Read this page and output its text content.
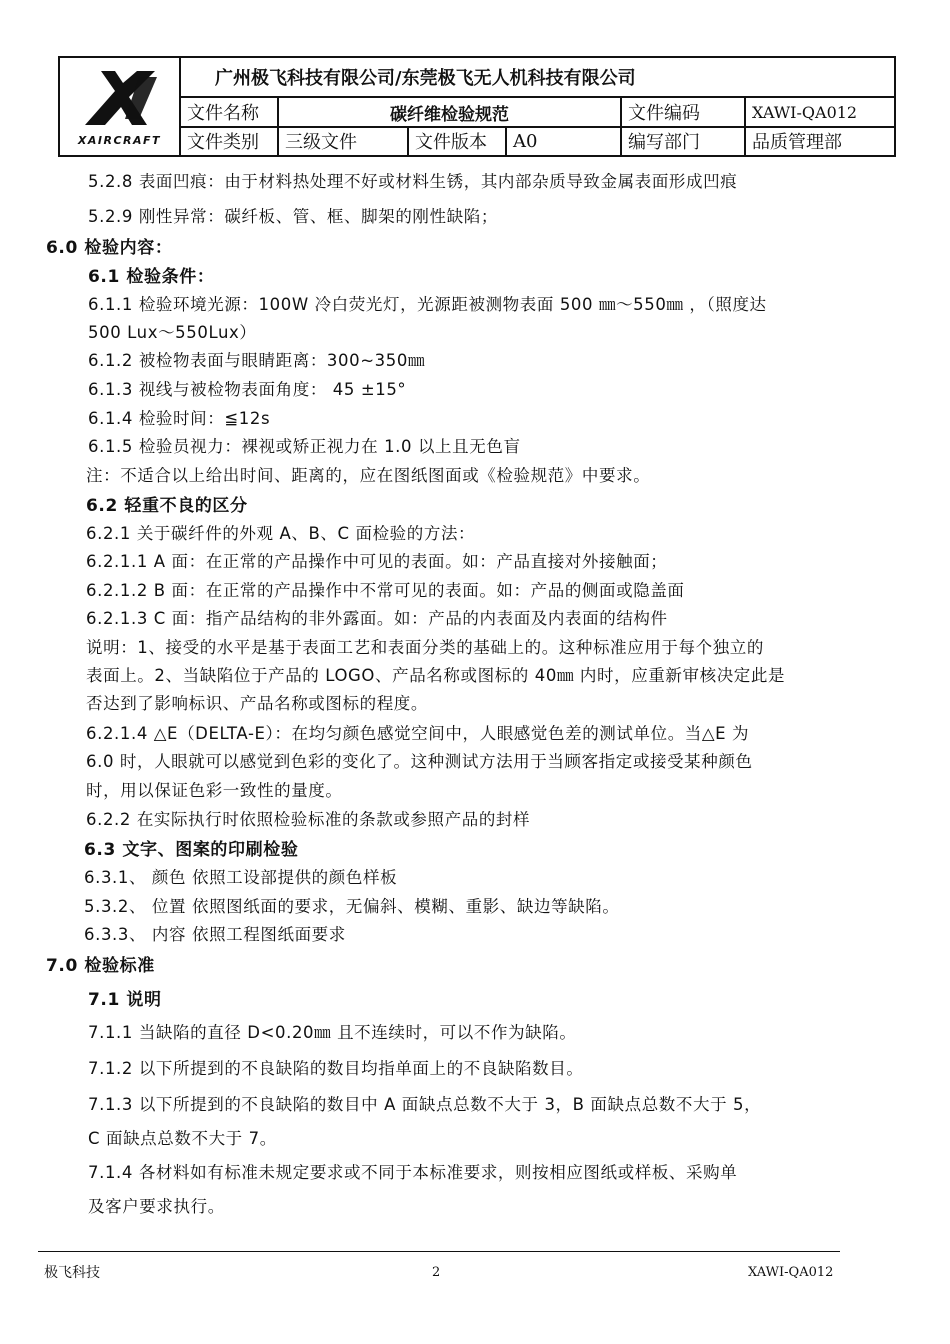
XAIRCRAFT	广州极飞科技有限公司/东莞极飞无人机科技有限公司					
	文件名称	碳纤维检验规范			文件编码	XAWI-QA012
	文件类别	三级文件	文件版本	A0	编写部门	品质管理部
5.2.8 表面凹痕：由于材料热处理不好或材料生锈，其内部杂质导致金属表面形成凹痕
5.2.9 刚性异常：碳纤板、管、框、脚架的刚性缺陷；
6.0 检验内容：
6.1 检验条件：
6.1.1 检验环境光源：100W 冷白荧光灯，光源距被测物表面 500 ㎜～550㎜ ，（照度达
500 Lux～550Lux）
6.1.2 被检物表面与眼睛距离：300~350㎜
6.1.3 视线与被检物表面角度： 45 ±15°
6.1.4 检验时间：≦12s
6.1.5 检验员视力：裸视或矫正视力在 1.0 以上且无色盲
注：不适合以上给出时间、距离的，应在图纸图面或《检验规范》中要求。
6.2 轻重不良的区分
6.2.1 关于碳纤件的外观 A、B、C 面检验的方法：
6.2.1.1 A 面：在正常的产品操作中可见的表面。如：产品直接对外接触面；
6.2.1.2 B 面：在正常的产品操作中不常可见的表面。如：产品的侧面或隐盖面
6.2.1.3 C 面：指产品结构的非外露面。如：产品的内表面及内表面的结构件
说明：1、接受的水平是基于表面工艺和表面分类的基础上的。这种标准应用于每个独立的
表面上。2、当缺陷位于产品的 LOGO、产品名称或图标的 40㎜ 内时，应重新审核决定此是
否达到了影响标识、产品名称或图标的程度。
6.2.1.4 △E（DELTA-E）：在均匀颜色感觉空间中，人眼感觉色差的测试单位。当△E 为
6.0 时，人眼就可以感觉到色彩的变化了。这种测试方法用于当顾客指定或接受某种颜色
时，用以保证色彩一致性的量度。
6.2.2 在实际执行时依照检验标准的条款或参照产品的封样
6.3 文字、图案的印刷检验
6.3.1、 颜色 依照工设部提供的颜色样板
5.3.2、 位置 依照图纸面的要求，无偏斜、模糊、重影、缺边等缺陷。
6.3.3、 内容 依照工程图纸面要求
7.0 检验标准
7.1 说明
7.1.1 当缺陷的直径 D<0.20㎜ 且不连续时，可以不作为缺陷。
7.1.2 以下所提到的不良缺陷的数目均指单面上的不良缺陷数目。
7.1.3 以下所提到的不良缺陷的数目中 A 面缺点总数不大于 3，B 面缺点总数不大于 5，
C 面缺点总数不大于 7。
7.1.4 各材料如有标准未规定要求或不同于本标准要求，则按相应图纸或样板、采购单
及客户要求执行。
极飞科技	2	XAWI-QA012
